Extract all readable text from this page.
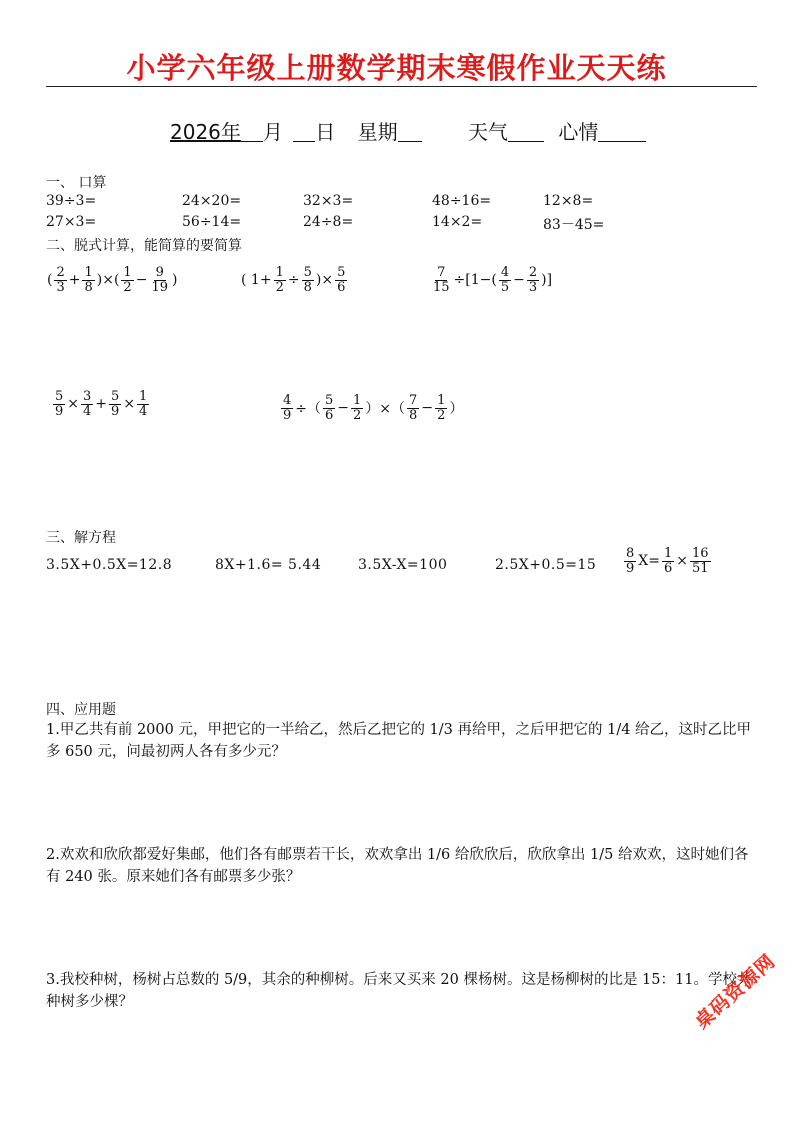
小学六年级上册数学期末寒假作业天天练
2026年 月 日 星期	天气	心情
一、 口算
39÷3=	24×20=	32×3=	48÷16=	12×8=
27×3=	56÷14=	24÷8=	14×2=	83－45=
二、脱式计算，能简算的要简算
( $\frac{2}{3} + \frac{1}{8}$ )×( $\frac{1}{2} - \frac{9}{19}$ )	( $1+ \frac{1}{2} \div \frac{5}{8}$ )× $\frac{5}{6}$	$\frac{7}{15} \div[1-( \frac{4}{5} - \frac{2}{3}$ )]
$\frac{5}{9} \times \frac{3}{4} + \frac{5}{9} \times \frac{1}{4}$	$\frac{4}{9}$ ÷（ $\frac{5}{6} - \frac{1}{2}$ ）×（ $\frac{7}{8} - \frac{1}{2}$ ）
三、解方程
3.5X+0.5X=12.8	8X+1.6= 5.44	3.5X-X=100	$2.5X+0.5=15 \frac{8}{9} X= \frac{1}{6} \times \frac{16}{51}$
四、应用题
1.甲乙共有前 2000 元，甲把它的一半给乙，然后乙把它的 1/3 再给甲，之后甲把它的 1/4 给乙，这时乙比甲多 650 元，问最初两人各有多少元？
2.欢欢和欣欣都爱好集邮，他们各有邮票若干长，欢欢拿出 1/6 给欣欣后，欣欣拿出 1/5 给欢欢，这时她们各有 240 张。原来她们各有邮票多少张？
3.我校种树，杨树占总数的 5/9，其余的种柳树。后来又买来 20 棵杨树。这是杨柳树的比是 15：11。学校共种树多少棵？	桌码资源网
